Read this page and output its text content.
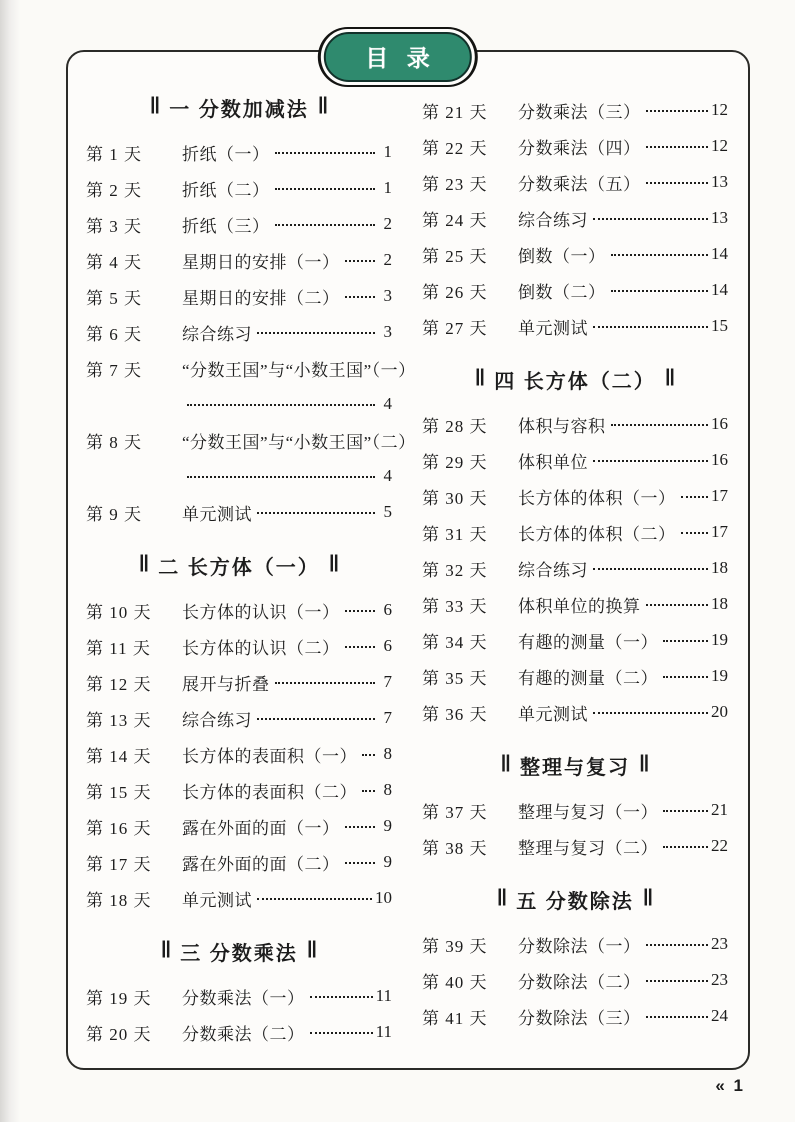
目 录
‖ 一 分数加减法 ‖
第 1 天	折纸（一）	1
第 2 天	折纸（二）	1
第 3 天	折纸（三）	2
第 4 天	星期日的安排（一）	2
第 5 天	星期日的安排（二）	3
第 6 天	综合练习	3
第 7 天	“分数王国”与“小数王国”（一）
4
第 8 天	“分数王国”与“小数王国”（二）
4
第 9 天	单元测试	5
‖ 二 长方体（一） ‖
第 10 天	长方体的认识（一）	6
第 11 天	长方体的认识（二）	6
第 12 天	展开与折叠	7
第 13 天	综合练习	7
第 14 天	长方体的表面积（一）	8
第 15 天	长方体的表面积（二）	8
第 16 天	露在外面的面（一）	9
第 17 天	露在外面的面（二）	9
第 18 天	单元测试	10
‖ 三 分数乘法 ‖
第 19 天	分数乘法（一）	11
第 20 天	分数乘法（二）	11
第 21 天	分数乘法（三）	12
第 22 天	分数乘法（四）	12
第 23 天	分数乘法（五）	13
第 24 天	综合练习	13
第 25 天	倒数（一）	14
第 26 天	倒数（二）	14
第 27 天	单元测试	15
‖ 四 长方体（二） ‖
第 28 天	体积与容积	16
第 29 天	体积单位	16
第 30 天	长方体的体积（一） 17
第 31 天	长方体的体积（二） 17
第 32 天	综合练习	18
第 33 天	体积单位的换算	18
第 34 天	有趣的测量（一）	19
第 35 天	有趣的测量（二）	19
第 36 天	单元测试	20
‖ 整理与复习 ‖
第 37 天	整理与复习（一）	21
第 38 天	整理与复习（二）	22
‖ 五 分数除法 ‖
第 39 天	分数除法（一）	23
第 40 天	分数除法（二）	23
第 41 天	分数除法（三）	24
« 1
